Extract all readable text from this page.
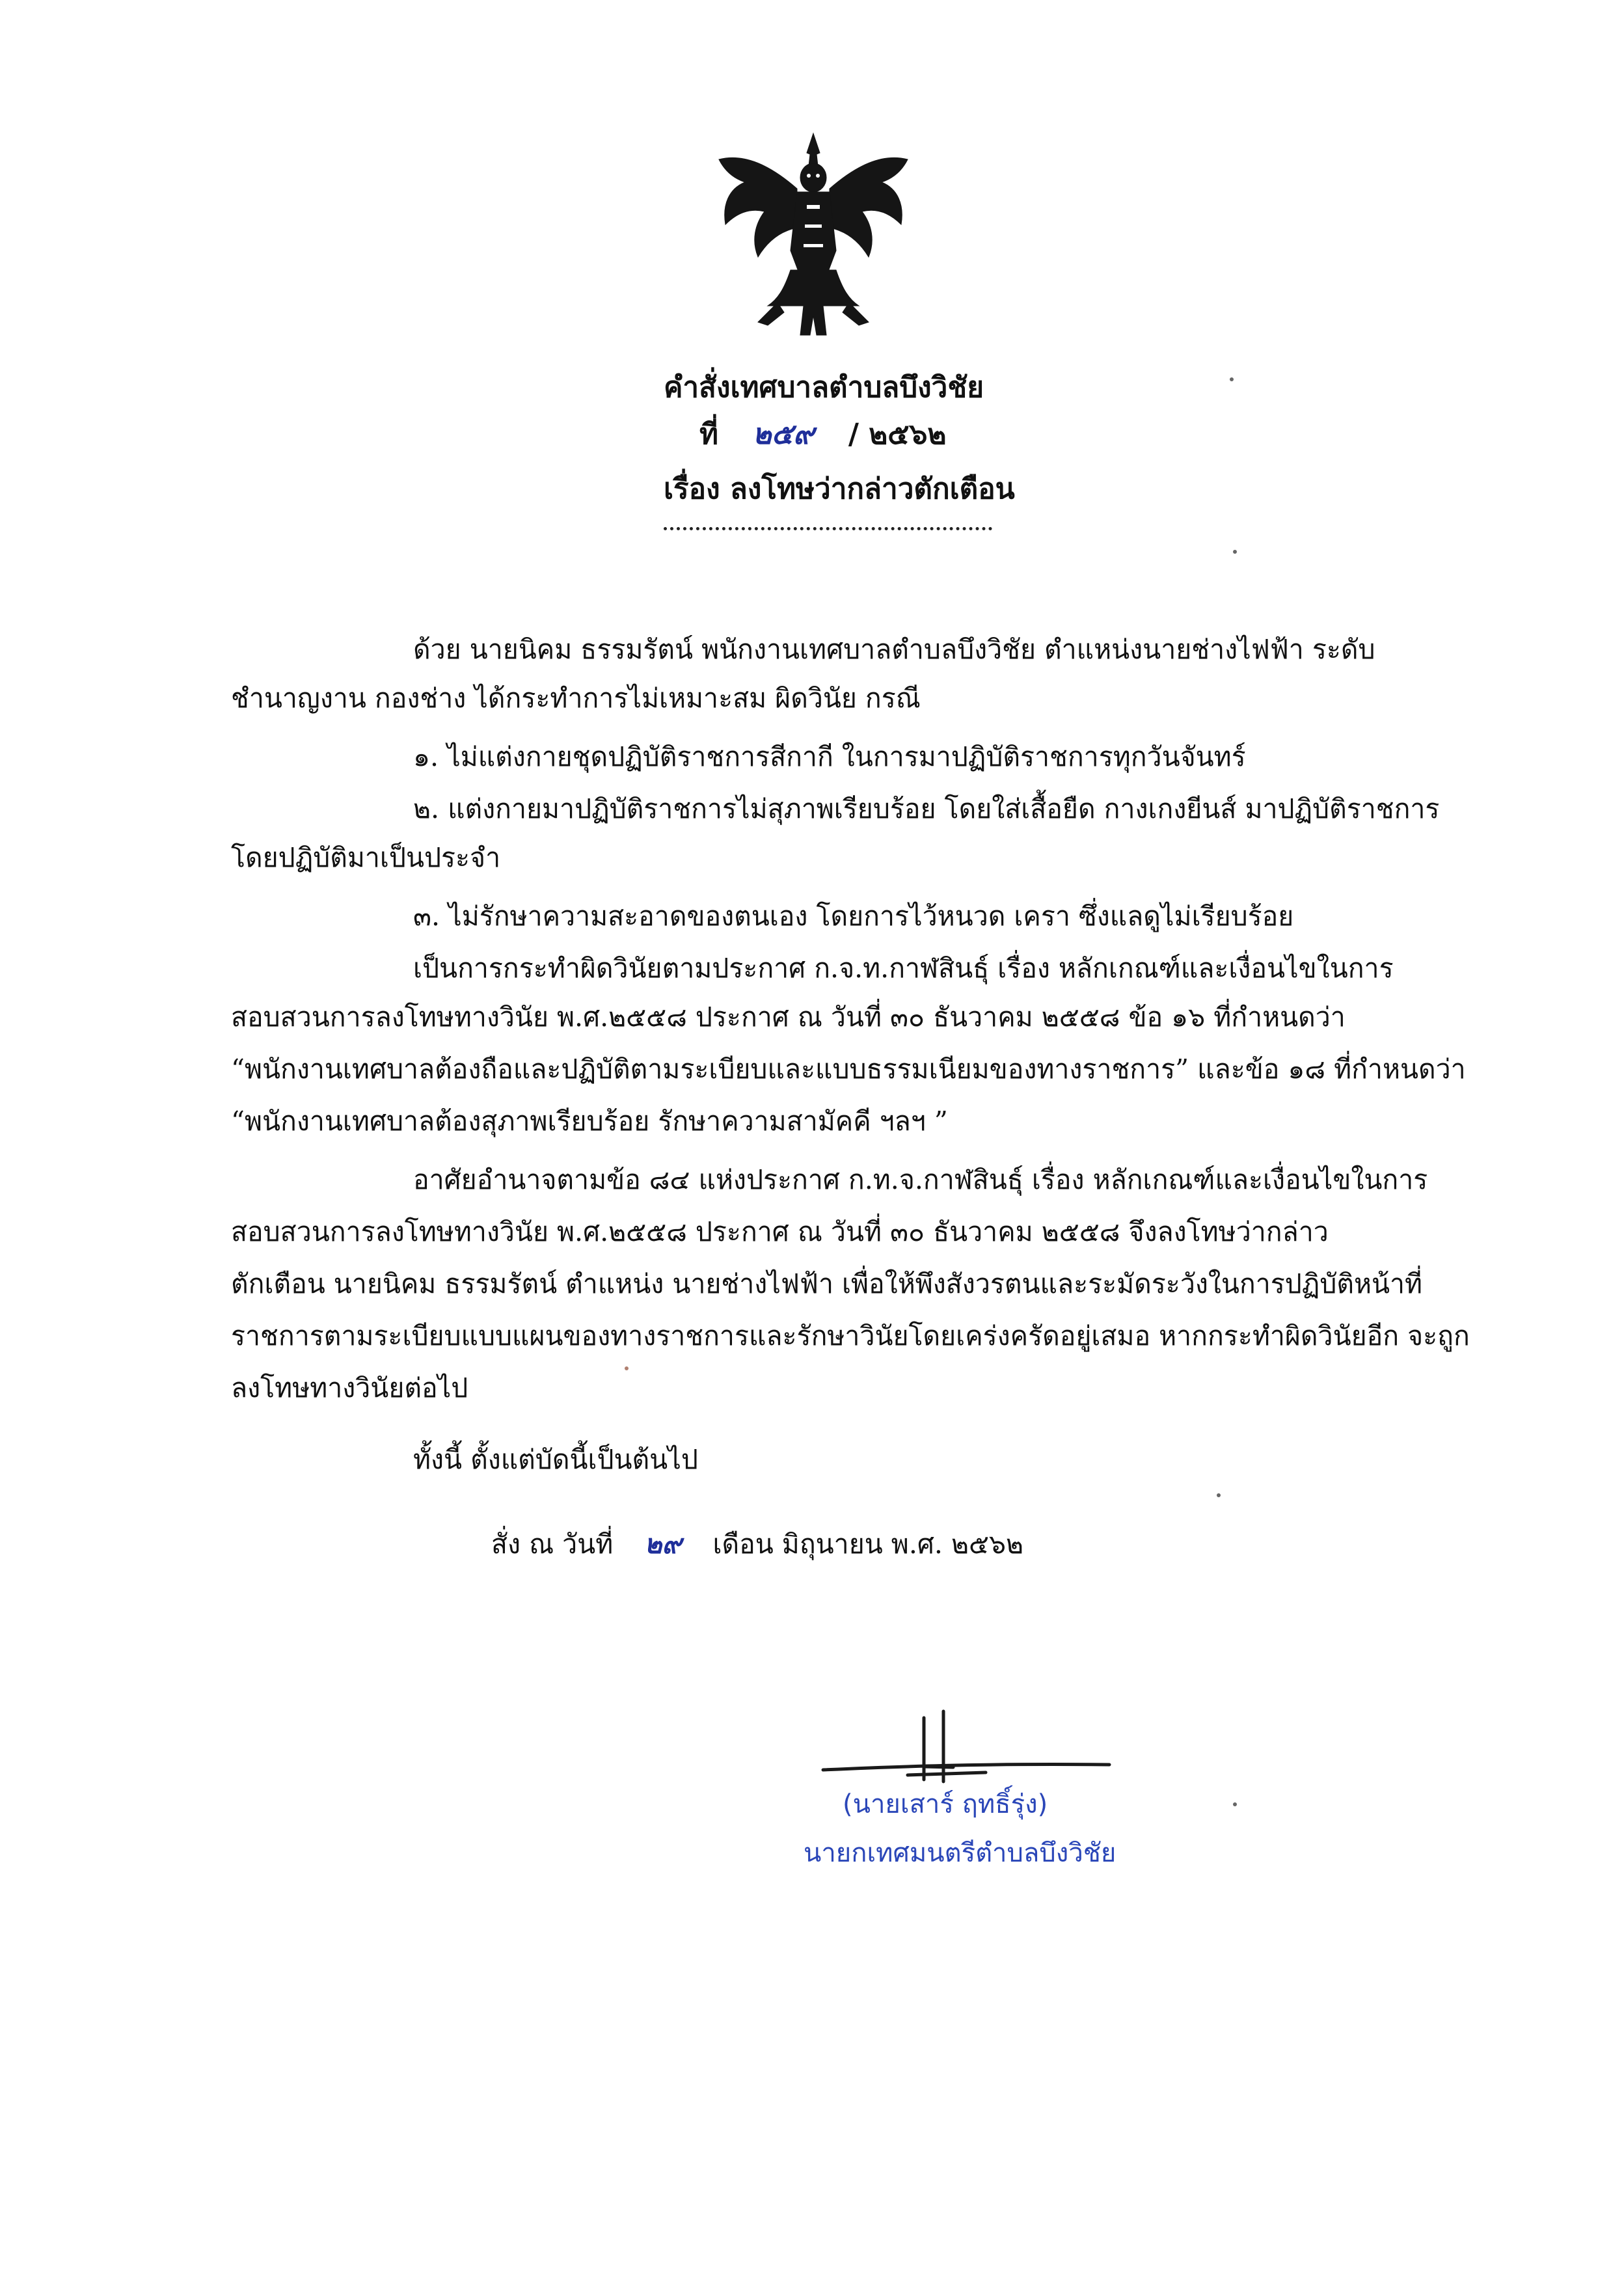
คำสั่งเทศบาลตำบลบึงวิชัย
ที่ ๒๕๙ / ๒๕๖๒
เรื่อง ลงโทษว่ากล่าวตักเตือน
ด้วย นายนิคม ธรรมรัตน์ พนักงานเทศบาลตำบลบึงวิชัย ตำแหน่งนายช่างไฟฟ้า ระดับ
ชำนาญงาน กองช่าง ได้กระทำการไม่เหมาะสม ผิดวินัย กรณี
๑. ไม่แต่งกายชุดปฏิบัติราชการสีกากี ในการมาปฏิบัติราชการทุกวันจันทร์
๒. แต่งกายมาปฏิบัติราชการไม่สุภาพเรียบร้อย โดยใส่เสื้อยืด กางเกงยีนส์ มาปฏิบัติราชการ
โดยปฏิบัติมาเป็นประจำ
๓. ไม่รักษาความสะอาดของตนเอง โดยการไว้หนวด เครา ซึ่งแลดูไม่เรียบร้อย
เป็นการกระทำผิดวินัยตามประกาศ ก.จ.ท.กาฬสินธุ์ เรื่อง หลักเกณฑ์และเงื่อนไขในการ
สอบสวนการลงโทษทางวินัย พ.ศ.๒๕๕๘ ประกาศ ณ วันที่ ๓๐ ธันวาคม ๒๕๕๘ ข้อ ๑๖ ที่กำหนดว่า
“พนักงานเทศบาลต้องถือและปฏิบัติตามระเบียบและแบบธรรมเนียมของทางราชการ” และข้อ ๑๘ ที่กำหนดว่า
“พนักงานเทศบาลต้องสุภาพเรียบร้อย รักษาความสามัคคี ฯลฯ ”
อาศัยอำนาจตามข้อ ๘๔ แห่งประกาศ ก.ท.จ.กาฬสินธุ์ เรื่อง หลักเกณฑ์และเงื่อนไขในการ
สอบสวนการลงโทษทางวินัย พ.ศ.๒๕๕๘ ประกาศ ณ วันที่ ๓๐ ธันวาคม ๒๕๕๘ จึงลงโทษว่ากล่าว
ตักเตือน นายนิคม ธรรมรัตน์ ตำแหน่ง นายช่างไฟฟ้า เพื่อให้พึงสังวรตนและระมัดระวังในการปฏิบัติหน้าที่
ราชการตามระเบียบแบบแผนของทางราชการและรักษาวินัยโดยเคร่งครัดอยู่เสมอ หากกระทำผิดวินัยอีก จะถูก
ลงโทษทางวินัยต่อไป
ทั้งนี้ ตั้งแต่บัดนี้เป็นต้นไป
สั่ง ณ วันที่ ๒๙ เดือน มิถุนายน พ.ศ. ๒๕๖๒
(นายเสาร์ ฤทธิ์รุ่ง)
นายกเทศมนตรีตำบลบึงวิชัย
